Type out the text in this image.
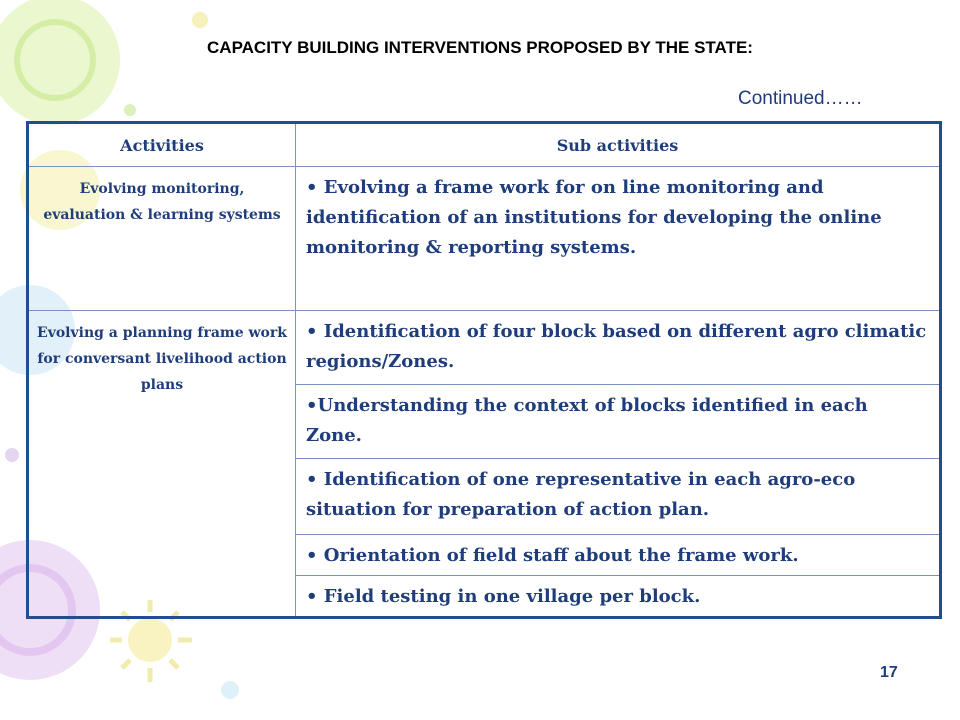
CAPACITY BUILDING INTERVENTIONS PROPOSED BY THE STATE:
Continued……
Activities	Sub activities
Evolving monitoring, evaluation & learning systems	• Evolving a frame work for on line monitoring and identification of an institutions for developing the online monitoring & reporting systems.
Evolving a planning frame work for conversant livelihood action plans	• Identification of four block based on different agro climatic regions/Zones.
	•Understanding the context of blocks identified in each Zone.
	• Identification of one representative in each agro-eco situation for preparation of action plan.
	• Orientation of field staff about the frame work.
	• Field testing in one village per block.
17
